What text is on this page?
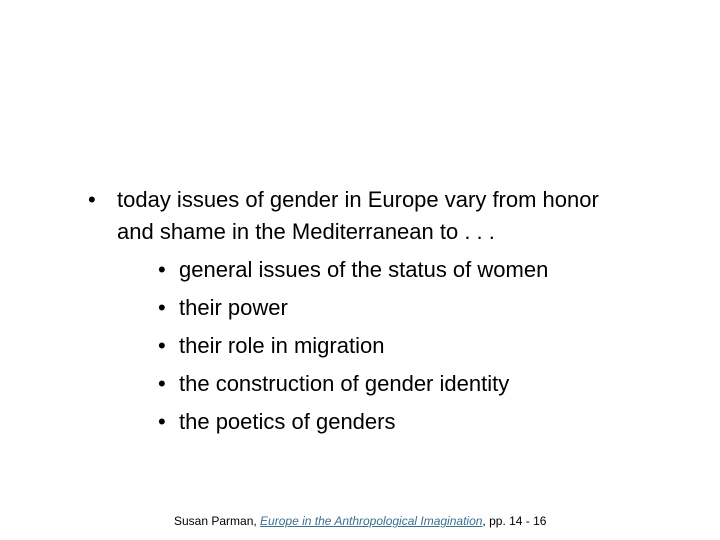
• today issues of gender in Europe vary from honor and shame in the Mediterranean to . . .
• general issues of the status of women
• their power
• their role in migration
• the construction of gender identity
• the poetics of genders
Susan Parman, Europe in the Anthropological Imagination, pp. 14 - 16
